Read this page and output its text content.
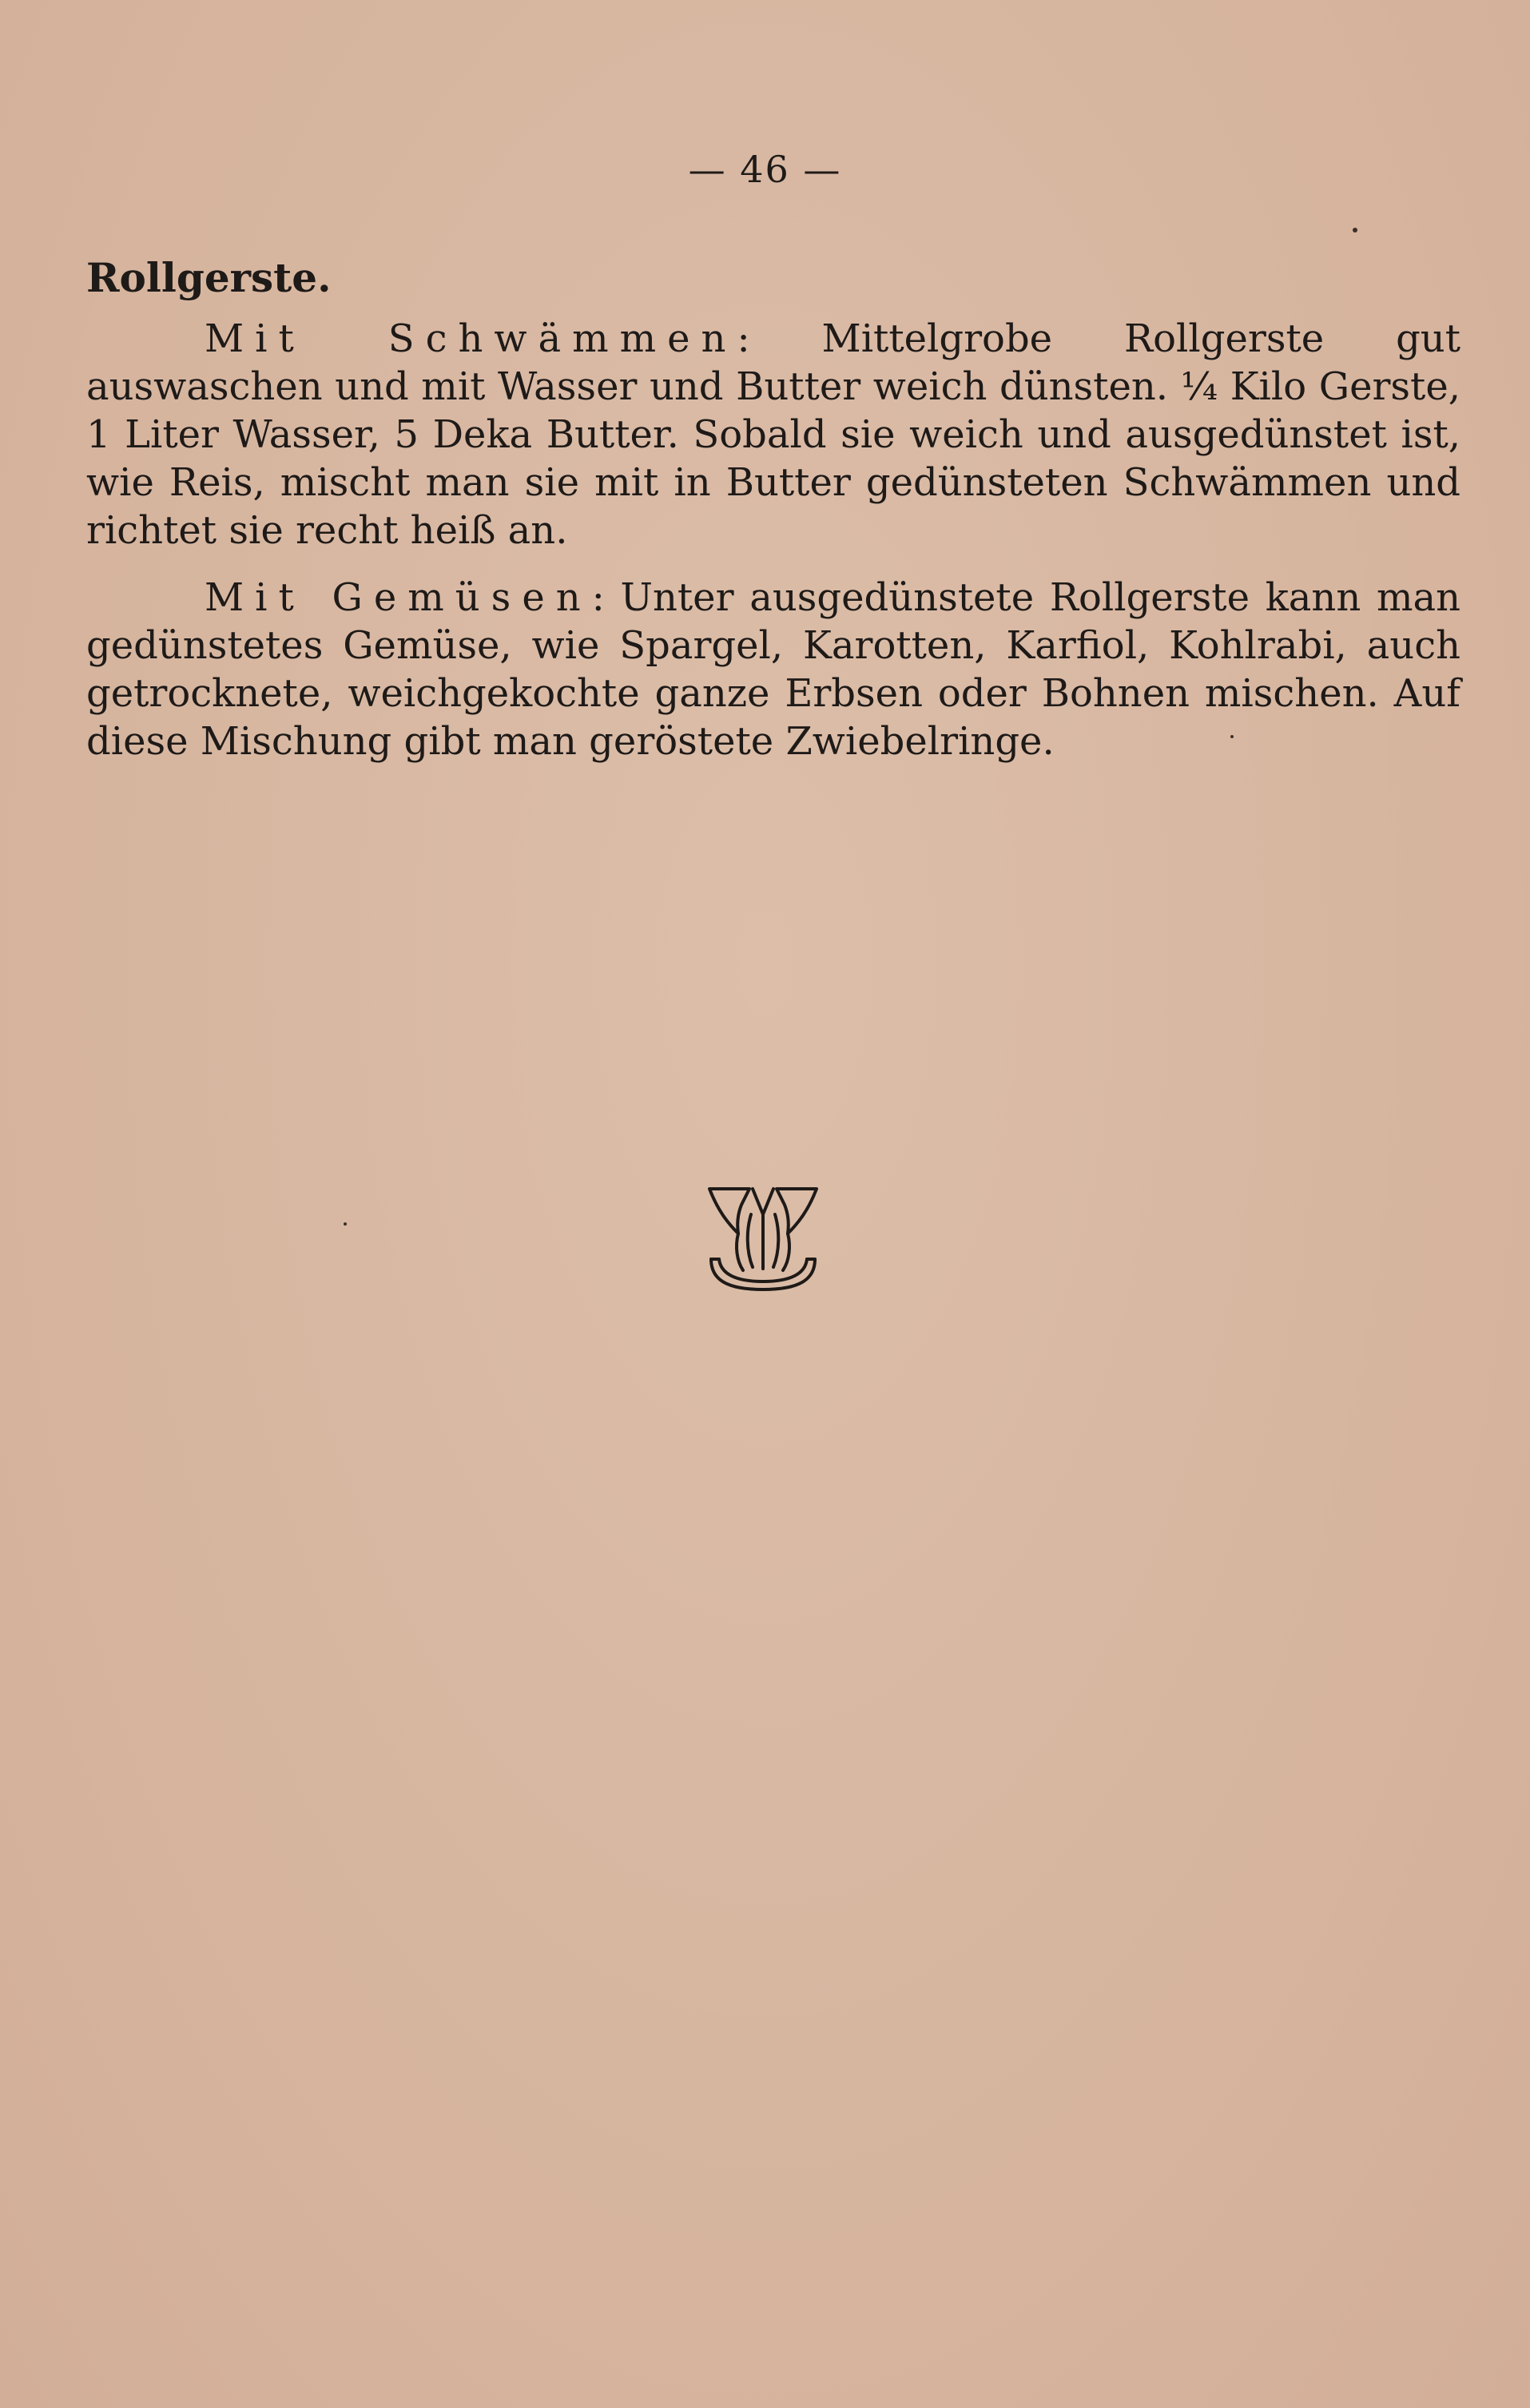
— 46 —

Rollgerste.

Mit Schwämmen: Mittelgrobe Rollgerste gut auswaschen und mit Wasser und Butter weich dünsten. ¼ Kilo Gerste, 1 Liter Wasser, 5 Deka Butter. Sobald sie weich und ausgedünstet ist, wie Reis, mischt man sie mit in Butter gedünsteten Schwämmen und richtet sie recht heiß an.

Mit Gemüsen: Unter ausgedünstete Rollgerste kann man gedünstetes Gemüse, wie Spargel, Karotten, Karfiol, Kohlrabi, auch getrocknete, weichgekochte ganze Erbsen oder Bohnen mischen. Auf diese Mischung gibt man geröstete Zwiebelringe.
